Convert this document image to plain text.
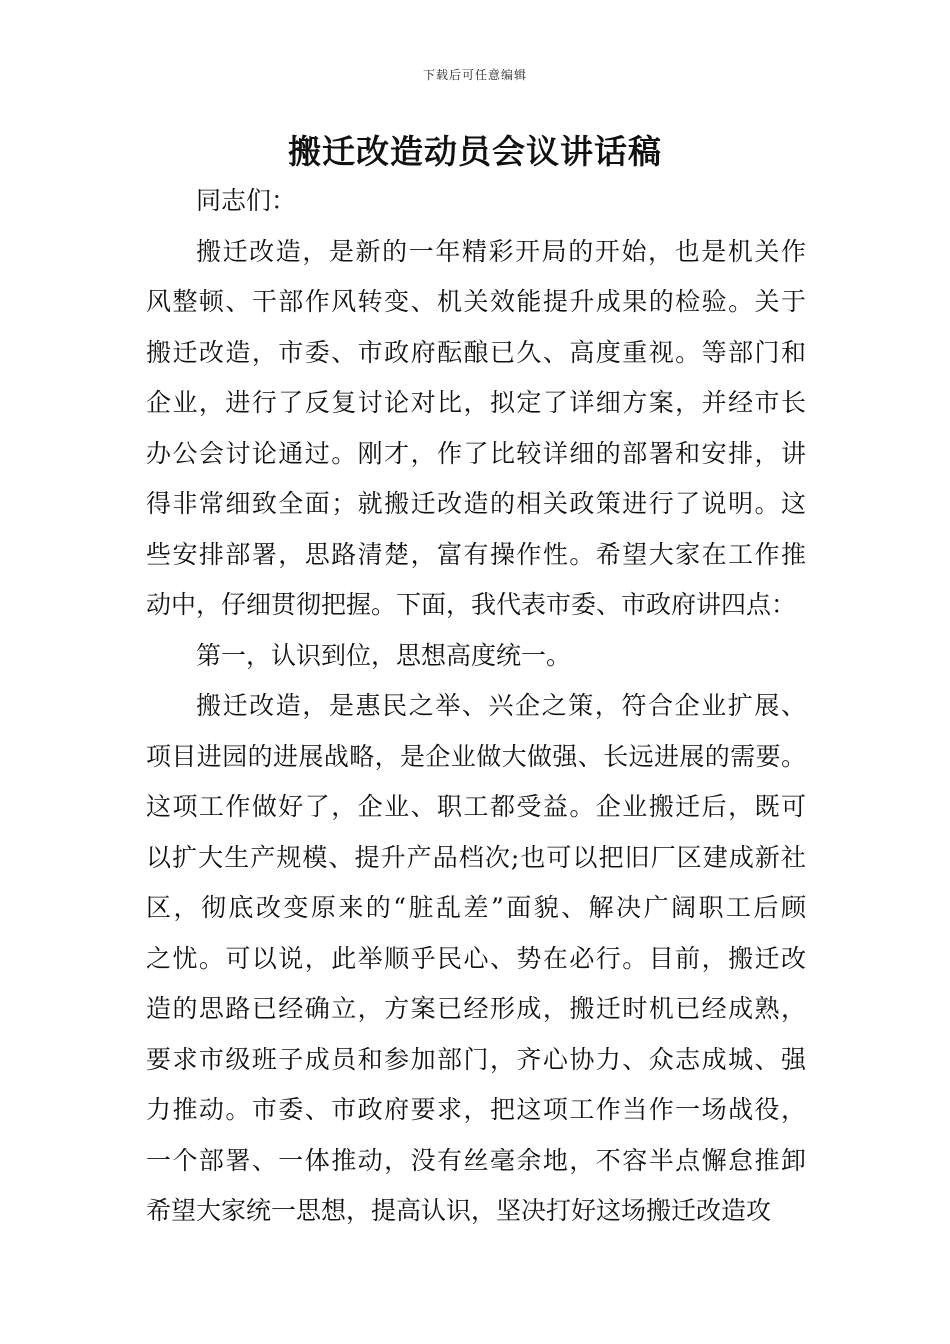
下载后可任意编辑
搬迁改造动员会议讲话稿

同志们：

搬迁改造，是新的一年精彩开局的开始，也是机关作
风整顿、干部作风转变、机关效能提升成果的检验。关于
搬迁改造，市委、市政府酝酿已久、高度重视。等部门和
企业，进行了反复讨论对比，拟定了详细方案，并经市长
办公会讨论通过。刚才，作了比较详细的部署和安排，讲
得非常细致全面；就搬迁改造的相关政策进行了说明。这
些安排部署，思路清楚，富有操作性。希望大家在工作推
动中，仔细贯彻把握。下面，我代表市委、市政府讲四点：

第一，认识到位，思想高度统一。

搬迁改造，是惠民之举、兴企之策，符合企业扩展、
项目进园的进展战略，是企业做大做强、长远进展的需要。
这项工作做好了，企业、职工都受益。企业搬迁后，既可
以扩大生产规模、提升产品档次;也可以把旧厂区建成新社
区，彻底改变原来的“脏乱差”面貌、解决广阔职工后顾
之忧。可以说，此举顺乎民心、势在必行。目前，搬迁改
造的思路已经确立，方案已经形成，搬迁时机已经成熟，
要求市级班子成员和参加部门，齐心协力、众志成城、强
力推动。市委、市政府要求，把这项工作当作一场战役，
一个部署、一体推动，没有丝毫余地，不容半点懈怠推卸
希望大家统一思想，提高认识，坚决打好这场搬迁改造攻
